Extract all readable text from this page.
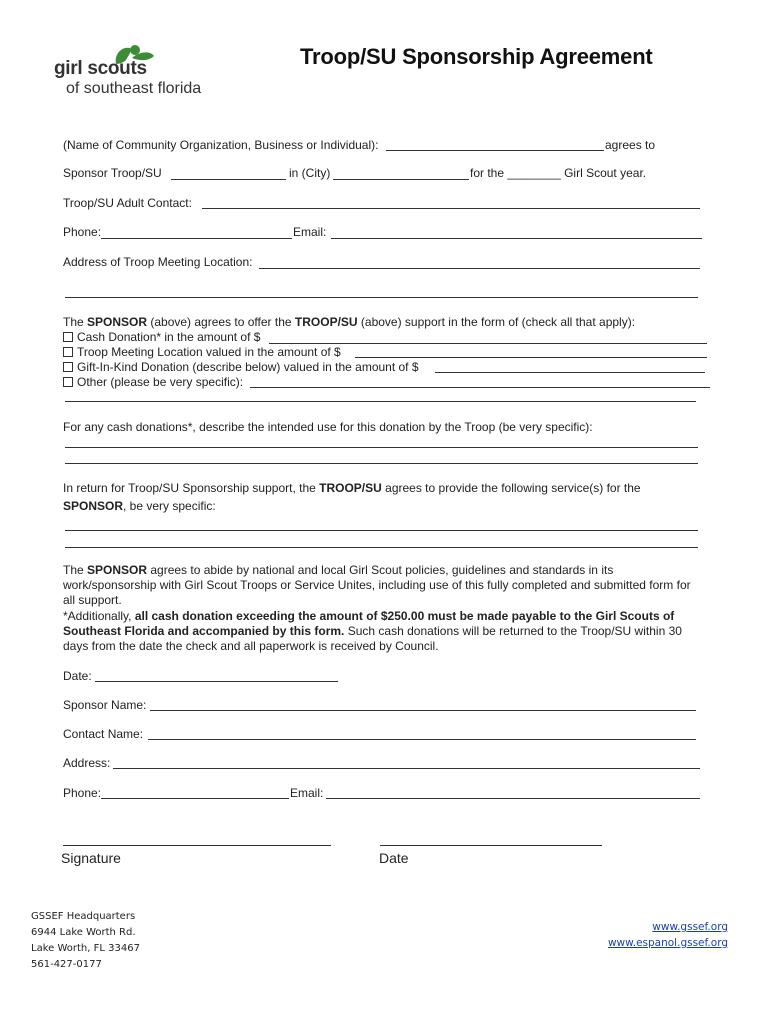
girl scouts
of southeast florida
Troop/SU Sponsorship Agreement
(Name of Community Organization, Business or Individual):	agrees to
Sponsor Troop/SU	in (City)	for the ________ Girl Scout year.
Troop/SU Adult Contact:
Phone:	Email:
Address of Troop Meeting Location:
The SPONSOR (above) agrees to offer the TROOP/SU (above) support in the form of (check all that apply):
Cash Donation* in the amount of $
Troop Meeting Location valued in the amount of $
Gift-In-Kind Donation (describe below) valued in the amount of $
Other (please be very specific):
For any cash donations*, describe the intended use for this donation by the Troop (be very specific):
In return for Troop/SU Sponsorship support, the TROOP/SU agrees to provide the following service(s) for the
SPONSOR, be very specific:
The SPONSOR agrees to abide by national and local Girl Scout policies, guidelines and standards in its work/sponsorship with Girl Scout Troops or Service Unites, including use of this fully completed and submitted form for all support.
*Additionally, all cash donation exceeding the amount of $250.00 must be made payable to the Girl Scouts of Southeast Florida and accompanied by this form. Such cash donations will be returned to the Troop/SU within 30 days from the date the check and all paperwork is received by Council.
Date:
Sponsor Name:
Contact Name:
Address:
Phone:	Email:
Signature	Date
GSSEF Headquarters
6944 Lake Worth Rd.
Lake Worth, FL 33467
561-427-0177
www.gssef.org
www.espanol.gssef.org
